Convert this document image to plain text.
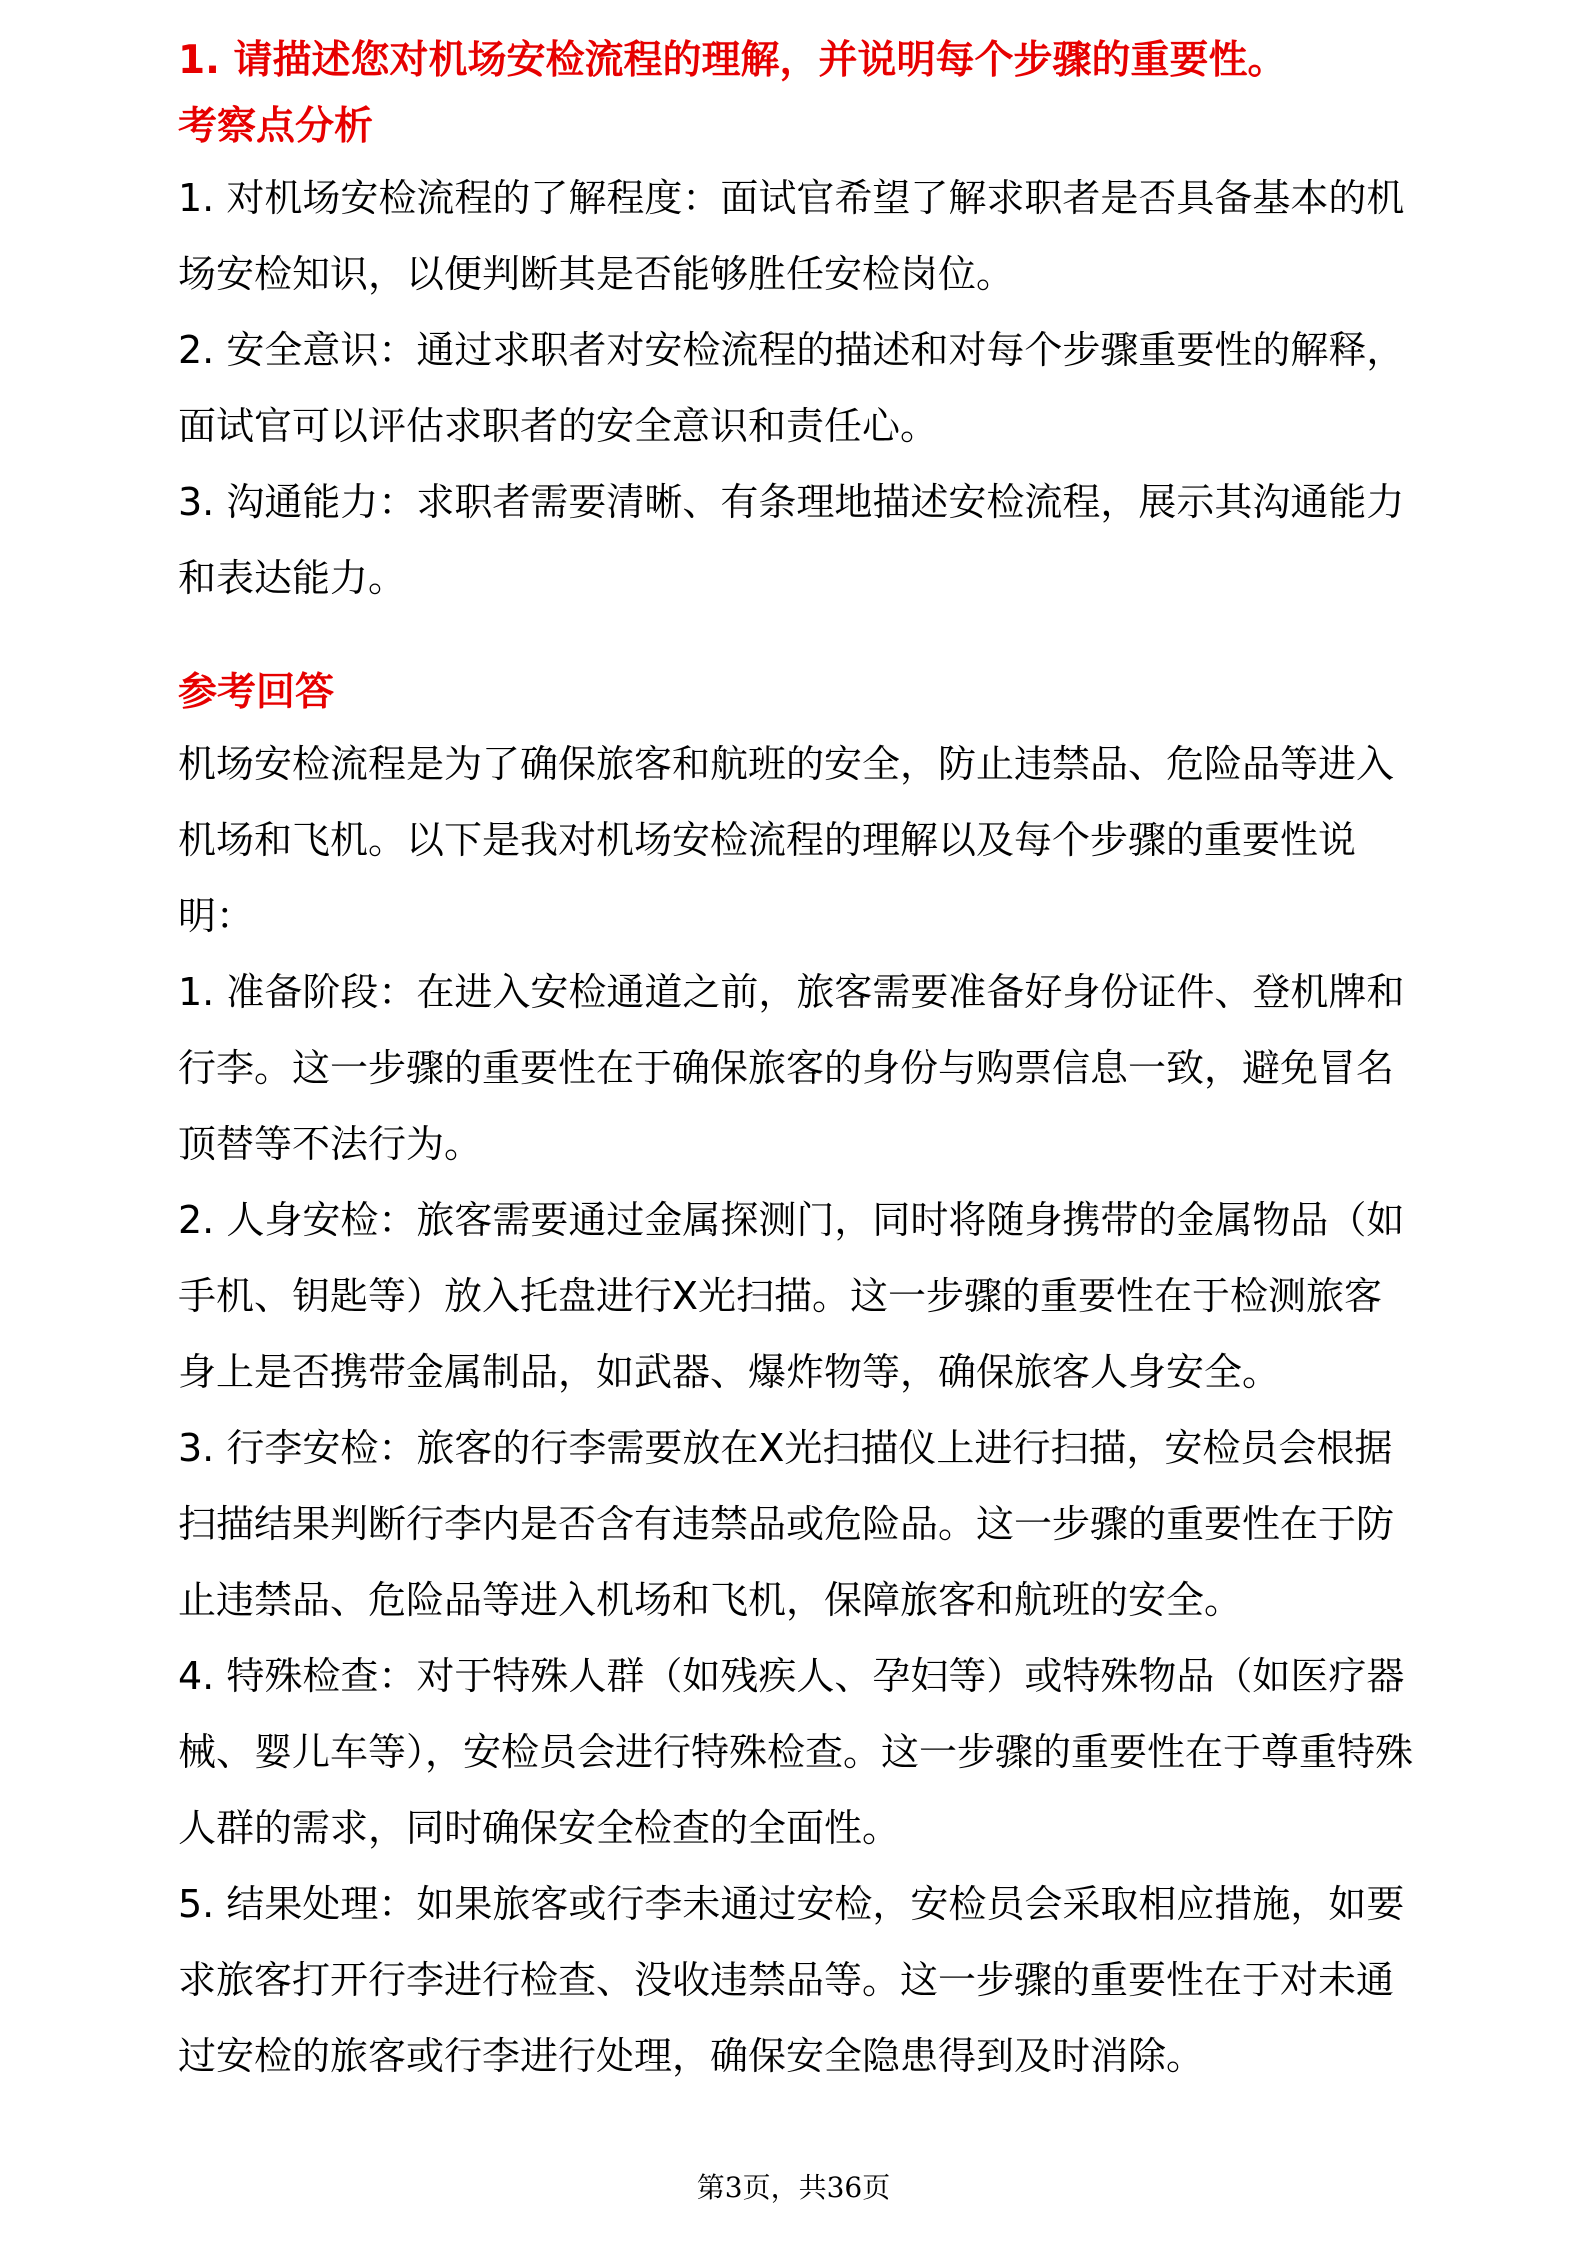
1. 请描述您对机场安检流程的理解，并说明每个步骤的重要性。

考察点分析

1. 对机场安检流程的了解程度：面试官希望了解求职者是否具备基本的机场安检知识，以便判断其是否能够胜任安检岗位。

2. 安全意识：通过求职者对安检流程的描述和对每个步骤重要性的解释，面试官可以评估求职者的安全意识和责任心。

3. 沟通能力：求职者需要清晰、有条理地描述安检流程，展示其沟通能力和表达能力。

参考回答

机场安检流程是为了确保旅客和航班的安全，防止违禁品、危险品等进入机场和飞机。以下是我对机场安检流程的理解以及每个步骤的重要性说明：

1. 准备阶段：在进入安检通道之前，旅客需要准备好身份证件、登机牌和行李。这一步骤的重要性在于确保旅客的身份与购票信息一致，避免冒名顶替等不法行为。

2. 人身安检：旅客需要通过金属探测门，同时将随身携带的金属物品（如手机、钥匙等）放入托盘进行X光扫描。这一步骤的重要性在于检测旅客身上是否携带金属制品，如武器、爆炸物等，确保旅客人身安全。

3. 行李安检：旅客的行李需要放在X光扫描仪上进行扫描，安检员会根据扫描结果判断行李内是否含有违禁品或危险品。这一步骤的重要性在于防止违禁品、危险品等进入机场和飞机，保障旅客和航班的安全。

4. 特殊检查：对于特殊人群（如残疾人、孕妇等）或特殊物品（如医疗器械、婴儿车等），安检员会进行特殊检查。这一步骤的重要性在于尊重特殊人群的需求，同时确保安全检查的全面性。

5. 结果处理：如果旅客或行李未通过安检，安检员会采取相应措施，如要求旅客打开行李进行检查、没收违禁品等。这一步骤的重要性在于对未通过安检的旅客或行李进行处理，确保安全隐患得到及时消除。

第3页，共36页
